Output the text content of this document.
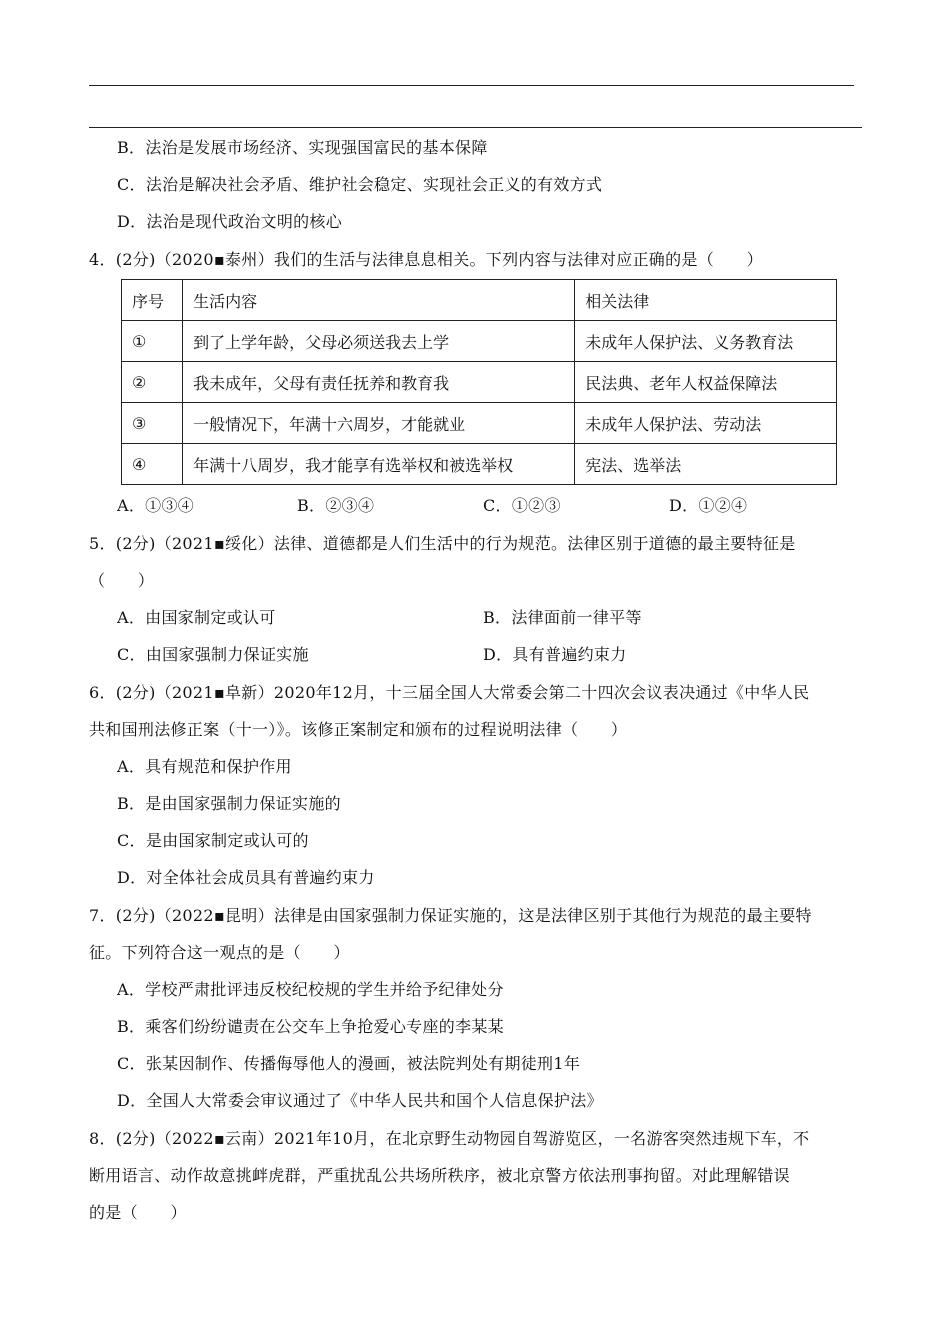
B．法治是发展市场经济、实现强国富民的基本保障
C．法治是解决社会矛盾、维护社会稳定、实现社会正义的有效方式
D．法治是现代政治文明的核心
4．(2分)（2020▪泰州）我们的生活与法律息息相关。下列内容与法律对应正确的是（　　）
序号	生活内容	相关法律
①	到了上学年龄，父母必须送我去上学	未成年人保护法、义务教育法
②	我未成年，父母有责任抚养和教育我	民法典、老年人权益保障法
③	一般情况下，年满十六周岁，才能就业	未成年人保护法、劳动法
④	年满十八周岁，我才能享有选举权和被选举权	宪法、选举法
A．①③④	B．②③④	C．①②③	D．①②④
5．(2分)（2021▪绥化）法律、道德都是人们生活中的行为规范。法律区别于道德的最主要特征是
（　　）
A．由国家制定或认可	B．法律面前一律平等
C．由国家强制力保证实施	D．具有普遍约束力
6．(2分)（2021▪阜新）2020年12月，十三届全国人大常委会第二十四次会议表决通过《中华人民
共和国刑法修正案（十一）》。该修正案制定和颁布的过程说明法律（　　）
A．具有规范和保护作用
B．是由国家强制力保证实施的
C．是由国家制定或认可的
D．对全体社会成员具有普遍约束力
7．(2分)（2022▪昆明）法律是由国家强制力保证实施的，这是法律区别于其他行为规范的最主要特
征。下列符合这一观点的是（　　）
A．学校严肃批评违反校纪校规的学生并给予纪律处分
B．乘客们纷纷谴责在公交车上争抢爱心专座的李某某
C．张某因制作、传播侮辱他人的漫画，被法院判处有期徒刑1年
D．全国人大常委会审议通过了《中华人民共和国个人信息保护法》
8．(2分)（2022▪云南）2021年10月，在北京野生动物园自驾游览区，一名游客突然违规下车，不
断用语言、动作故意挑衅虎群，严重扰乱公共场所秩序，被北京警方依法刑事拘留。对此理解错误
的是（　　）
